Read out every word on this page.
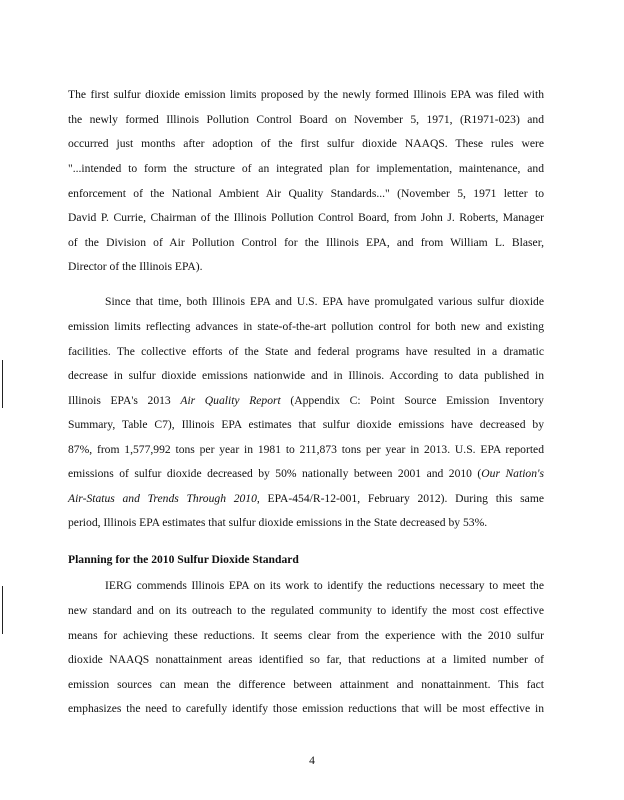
The first sulfur dioxide emission limits proposed by the newly formed Illinois EPA was filed with
the newly formed Illinois Pollution Control Board on November 5, 1971, (R1971-023) and
occurred just months after adoption of the first sulfur dioxide NAAQS. These rules were
"...intended to form the structure of an integrated plan for implementation, maintenance, and
enforcement of the National Ambient Air Quality Standards..." (November 5, 1971 letter to
David P. Currie, Chairman of the Illinois Pollution Control Board, from John J. Roberts, Manager
of the Division of Air Pollution Control for the Illinois EPA, and from William L. Blaser,
Director of the Illinois EPA).
Since that time, both Illinois EPA and U.S. EPA have promulgated various sulfur dioxide
emission limits reflecting advances in state-of-the-art pollution control for both new and existing
facilities. The collective efforts of the State and federal programs have resulted in a dramatic
decrease in sulfur dioxide emissions nationwide and in Illinois. According to data published in
Illinois EPA's 2013 Air Quality Report (Appendix C: Point Source Emission Inventory
Summary, Table C7), Illinois EPA estimates that sulfur dioxide emissions have decreased by
87%, from 1,577,992 tons per year in 1981 to 211,873 tons per year in 2013. U.S. EPA reported
emissions of sulfur dioxide decreased by 50% nationally between 2001 and 2010 (Our Nation's
Air-Status and Trends Through 2010, EPA-454/R-12-001, February 2012). During this same
period, Illinois EPA estimates that sulfur dioxide emissions in the State decreased by 53%.
Planning for the 2010 Sulfur Dioxide Standard
IERG commends Illinois EPA on its work to identify the reductions necessary to meet the
new standard and on its outreach to the regulated community to identify the most cost effective
means for achieving these reductions. It seems clear from the experience with the 2010 sulfur
dioxide NAAQS nonattainment areas identified so far, that reductions at a limited number of
emission sources can mean the difference between attainment and nonattainment. This fact
emphasizes the need to carefully identify those emission reductions that will be most effective in
4
